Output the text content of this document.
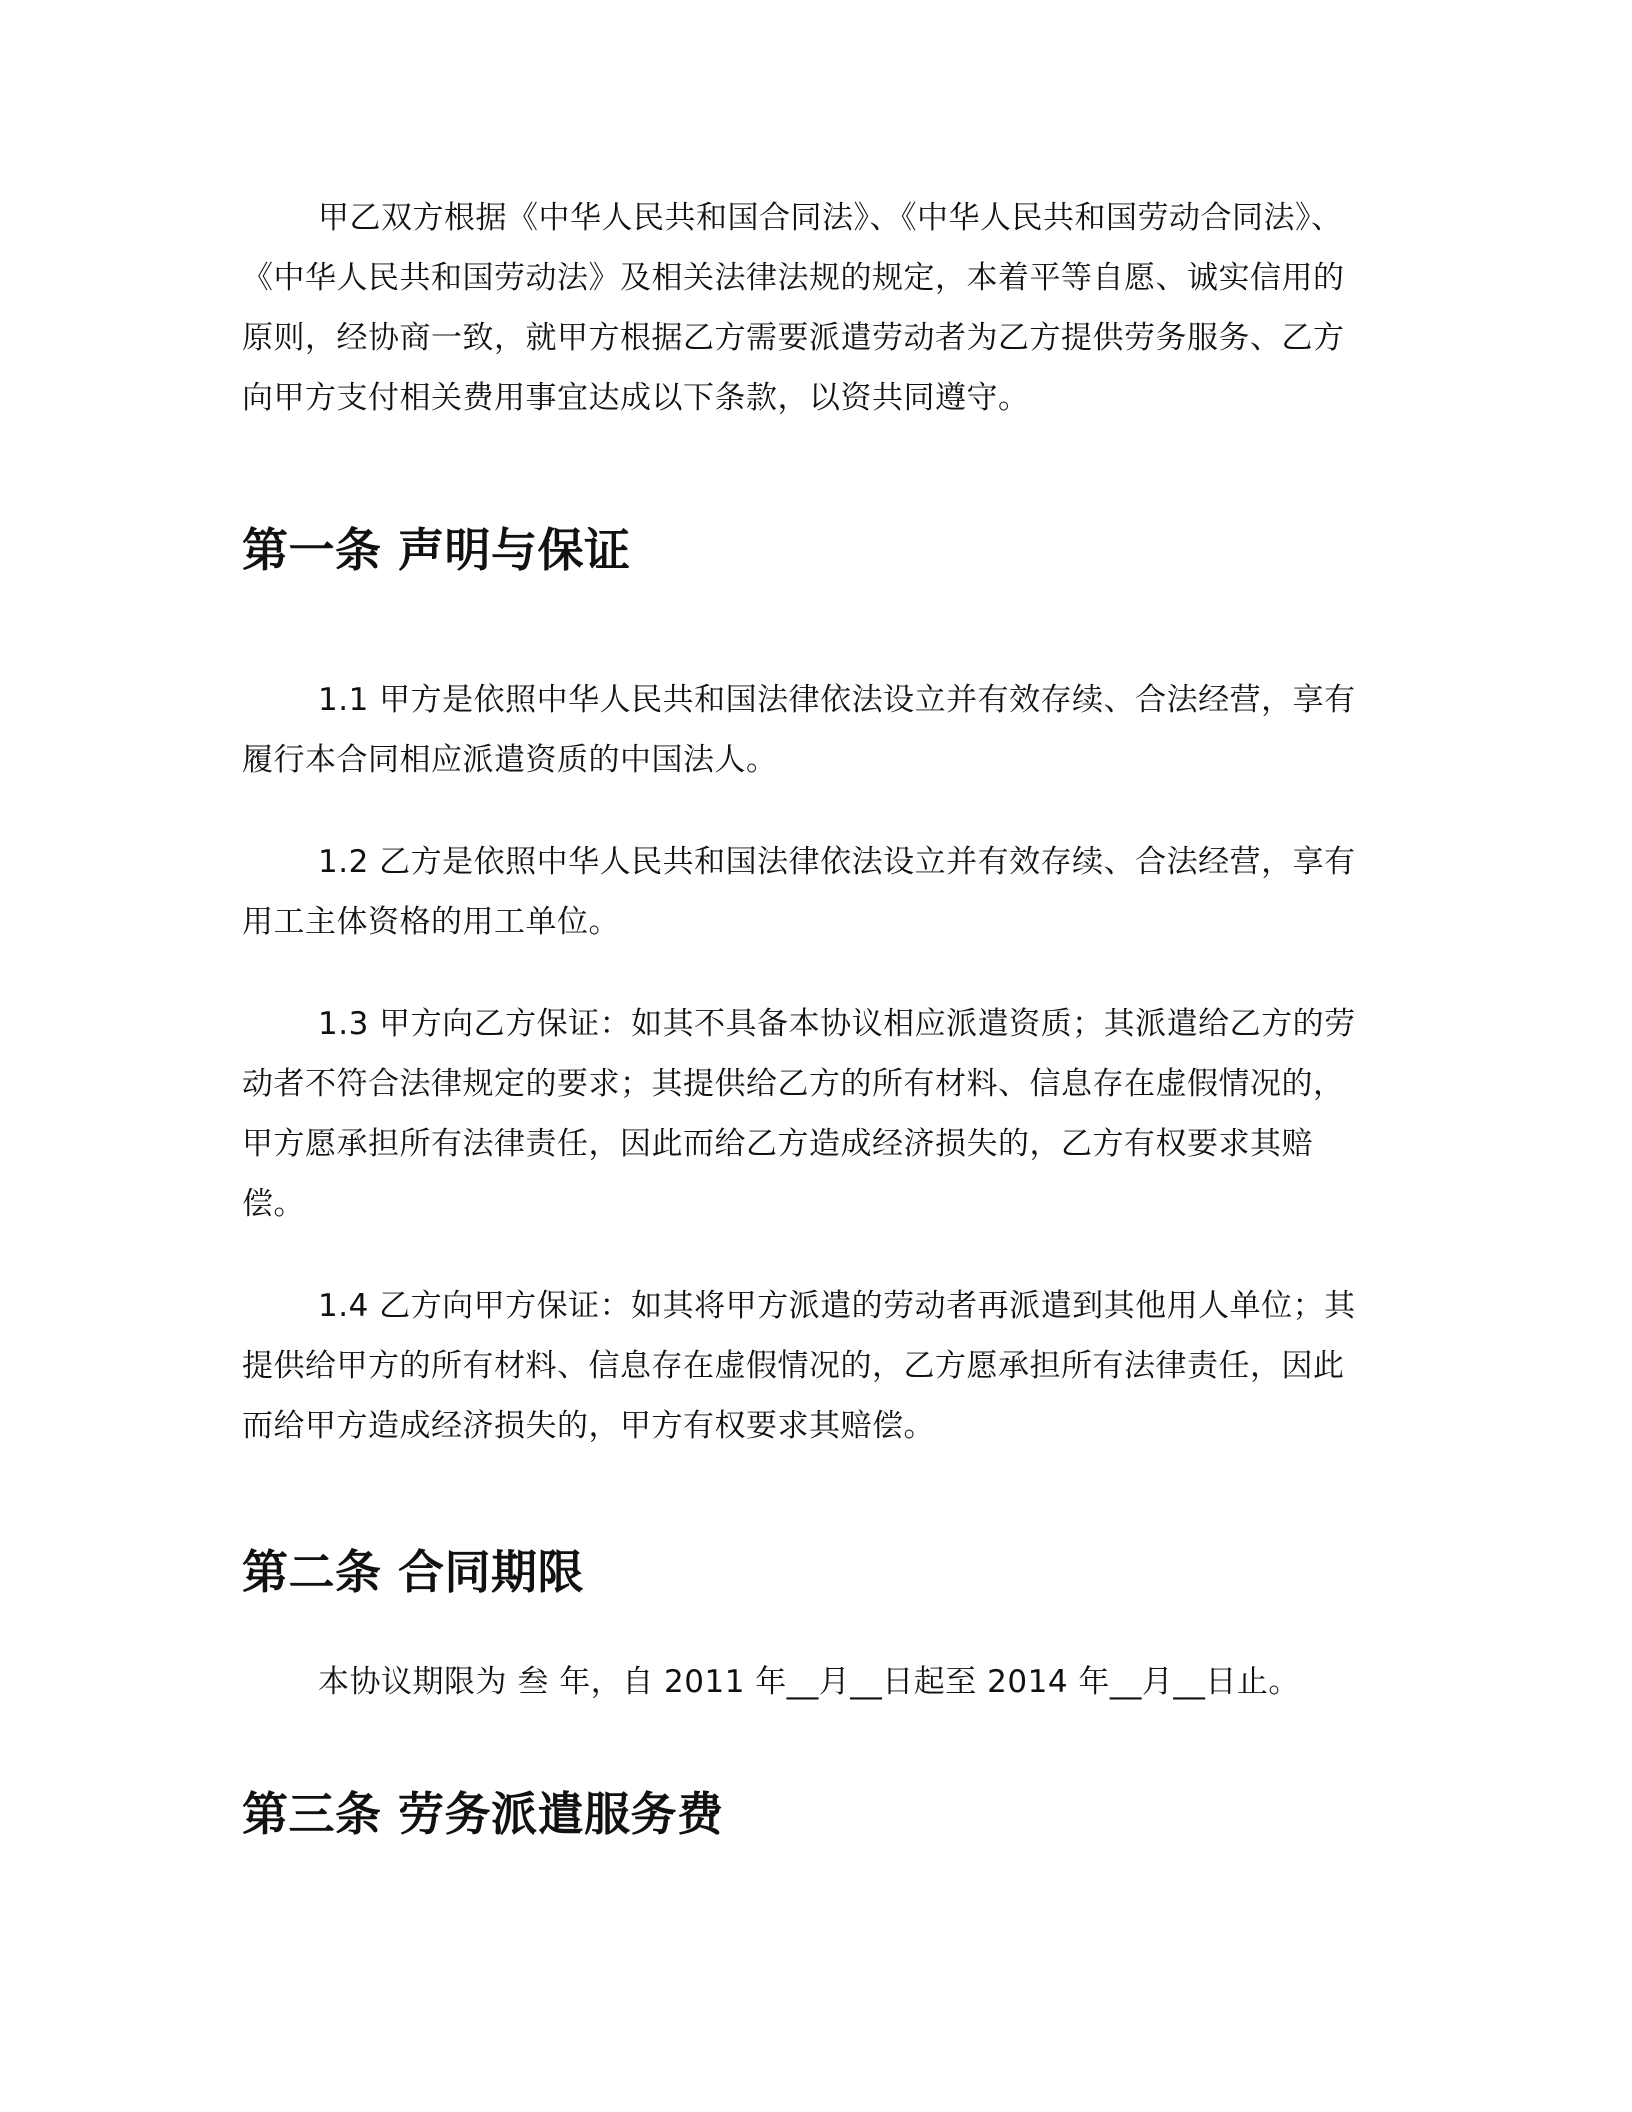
甲乙双方根据《中华人民共和国合同法》、《中华人民共和国劳动合同法》、《中华人民共和国劳动法》及相关法律法规的规定，本着平等自愿、诚实信用的原则，经协商一致，就甲方根据乙方需要派遣劳动者为乙方提供劳务服务、乙方向甲方支付相关费用事宜达成以下条款，以资共同遵守。

第一条 声明与保证

1.1 甲方是依照中华人民共和国法律依法设立并有效存续、合法经营，享有履行本合同相应派遣资质的中国法人。

1.2 乙方是依照中华人民共和国法律依法设立并有效存续、合法经营，享有用工主体资格的用工单位。

1.3 甲方向乙方保证：如其不具备本协议相应派遣资质；其派遣给乙方的劳动者不符合法律规定的要求；其提供给乙方的所有材料、信息存在虚假情况的，甲方愿承担所有法律责任，因此而给乙方造成经济损失的，乙方有权要求其赔偿。

1.4 乙方向甲方保证：如其将甲方派遣的劳动者再派遣到其他用人单位；其提供给甲方的所有材料、信息存在虚假情况的，乙方愿承担所有法律责任，因此而给甲方造成经济损失的，甲方有权要求其赔偿。

第二条 合同期限

本协议期限为 叁 年，自 2011 年__月__日起至 2014 年__月__日止。

第三条 劳务派遣服务费
